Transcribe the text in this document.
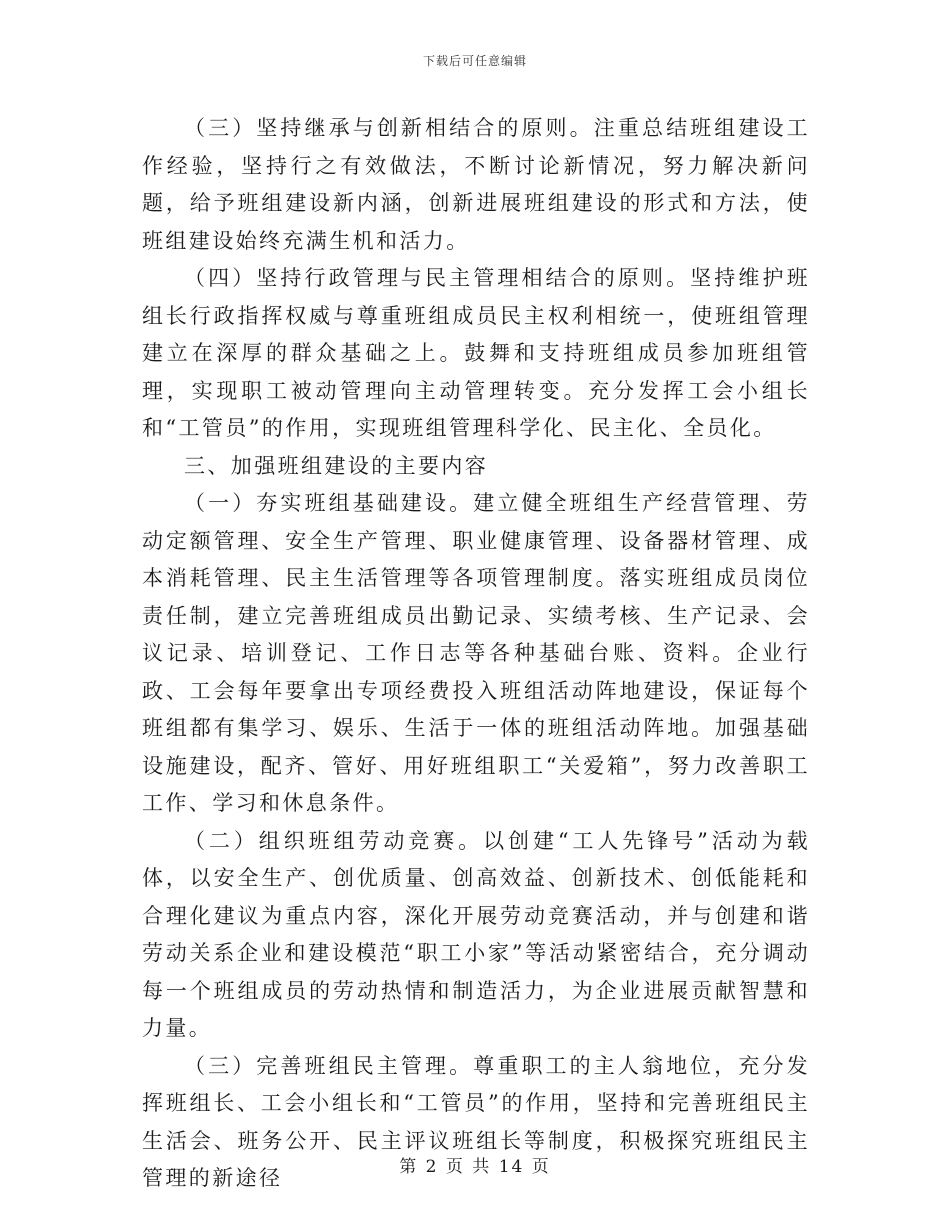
下载后可任意编辑

（三）坚持继承与创新相结合的原则。注重总结班组建设工作经验，坚持行之有效做法，不断讨论新情况，努力解决新问题，给予班组建设新内涵，创新进展班组建设的形式和方法，使班组建设始终充满生机和活力。

（四）坚持行政管理与民主管理相结合的原则。坚持维护班组长行政指挥权威与尊重班组成员民主权利相统一，使班组管理建立在深厚的群众基础之上。鼓舞和支持班组成员参加班组管理，实现职工被动管理向主动管理转变。充分发挥工会小组长和“工管员”的作用，实现班组管理科学化、民主化、全员化。

三、加强班组建设的主要内容

（一）夯实班组基础建设。建立健全班组生产经营管理、劳动定额管理、安全生产管理、职业健康管理、设备器材管理、成本消耗管理、民主生活管理等各项管理制度。落实班组成员岗位责任制，建立完善班组成员出勤记录、实绩考核、生产记录、会议记录、培训登记、工作日志等各种基础台账、资料。企业行政、工会每年要拿出专项经费投入班组活动阵地建设，保证每个班组都有集学习、娱乐、生活于一体的班组活动阵地。加强基础设施建设，配齐、管好、用好班组职工“关爱箱”，努力改善职工工作、学习和休息条件。

（二）组织班组劳动竞赛。以创建“工人先锋号”活动为载体，以安全生产、创优质量、创高效益、创新技术、创低能耗和合理化建议为重点内容，深化开展劳动竞赛活动，并与创建和谐劳动关系企业和建设模范“职工小家”等活动紧密结合，充分调动每一个班组成员的劳动热情和制造活力，为企业进展贡献智慧和力量。

（三）完善班组民主管理。尊重职工的主人翁地位，充分发挥班组长、工会小组长和“工管员”的作用，坚持和完善班组民主生活会、班务公开、民主评议班组长等制度，积极探究班组民主管理的新途径	第 2 页 共 14 页
